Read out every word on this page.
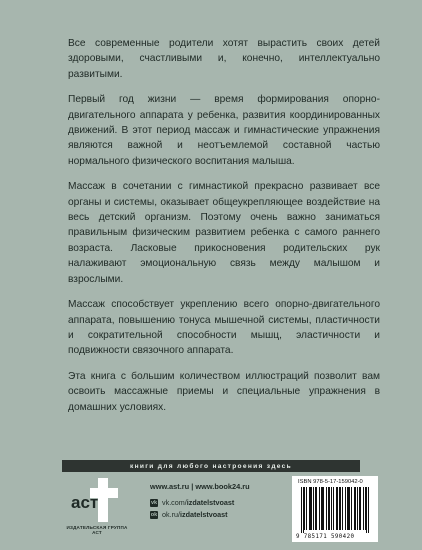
Все современные родители хотят вырастить своих детей здоровыми, счастливыми и, конечно, интеллектуально развитыми.

Первый год жизни — время формирования опорно-двигательного аппарата у ребенка, развития координированных движений. В этот период массаж и гимнастические упражнения являются важной и неотъемлемой составной частью нормального физического воспитания малыша.

Массаж в сочетании с гимнастикой прекрасно развивает все органы и системы, оказывает общеукрепляющее воздействие на весь детский организм. Поэтому очень важно заниматься правильным физическим развитием ребенка с самого раннего возраста. Ласковые прикосновения родительских рук налаживают эмоциональную связь между малышом и взрослыми.

Массаж способствует укреплению всего опорно-двигательного аппарата, повышению тонуса мышечной системы, пластичности и сократительной способности мышц, эластичности и подвижности связочного аппарата.

Эта книга с большим количеством иллюстраций позволит вам освоить массажные приемы и специальные упражнения в домашних условиях.

книги для любого настроения здесь
аст
ИЗДАТЕЛЬСКАЯ ГРУППА АСТ
www.ast.ru | www.book24.ru
vk vk.com/izdatelstvoast
ok ok.ru/izdatelstvoast
ISBN 978-5-17-159042-0
9 785171 590420
